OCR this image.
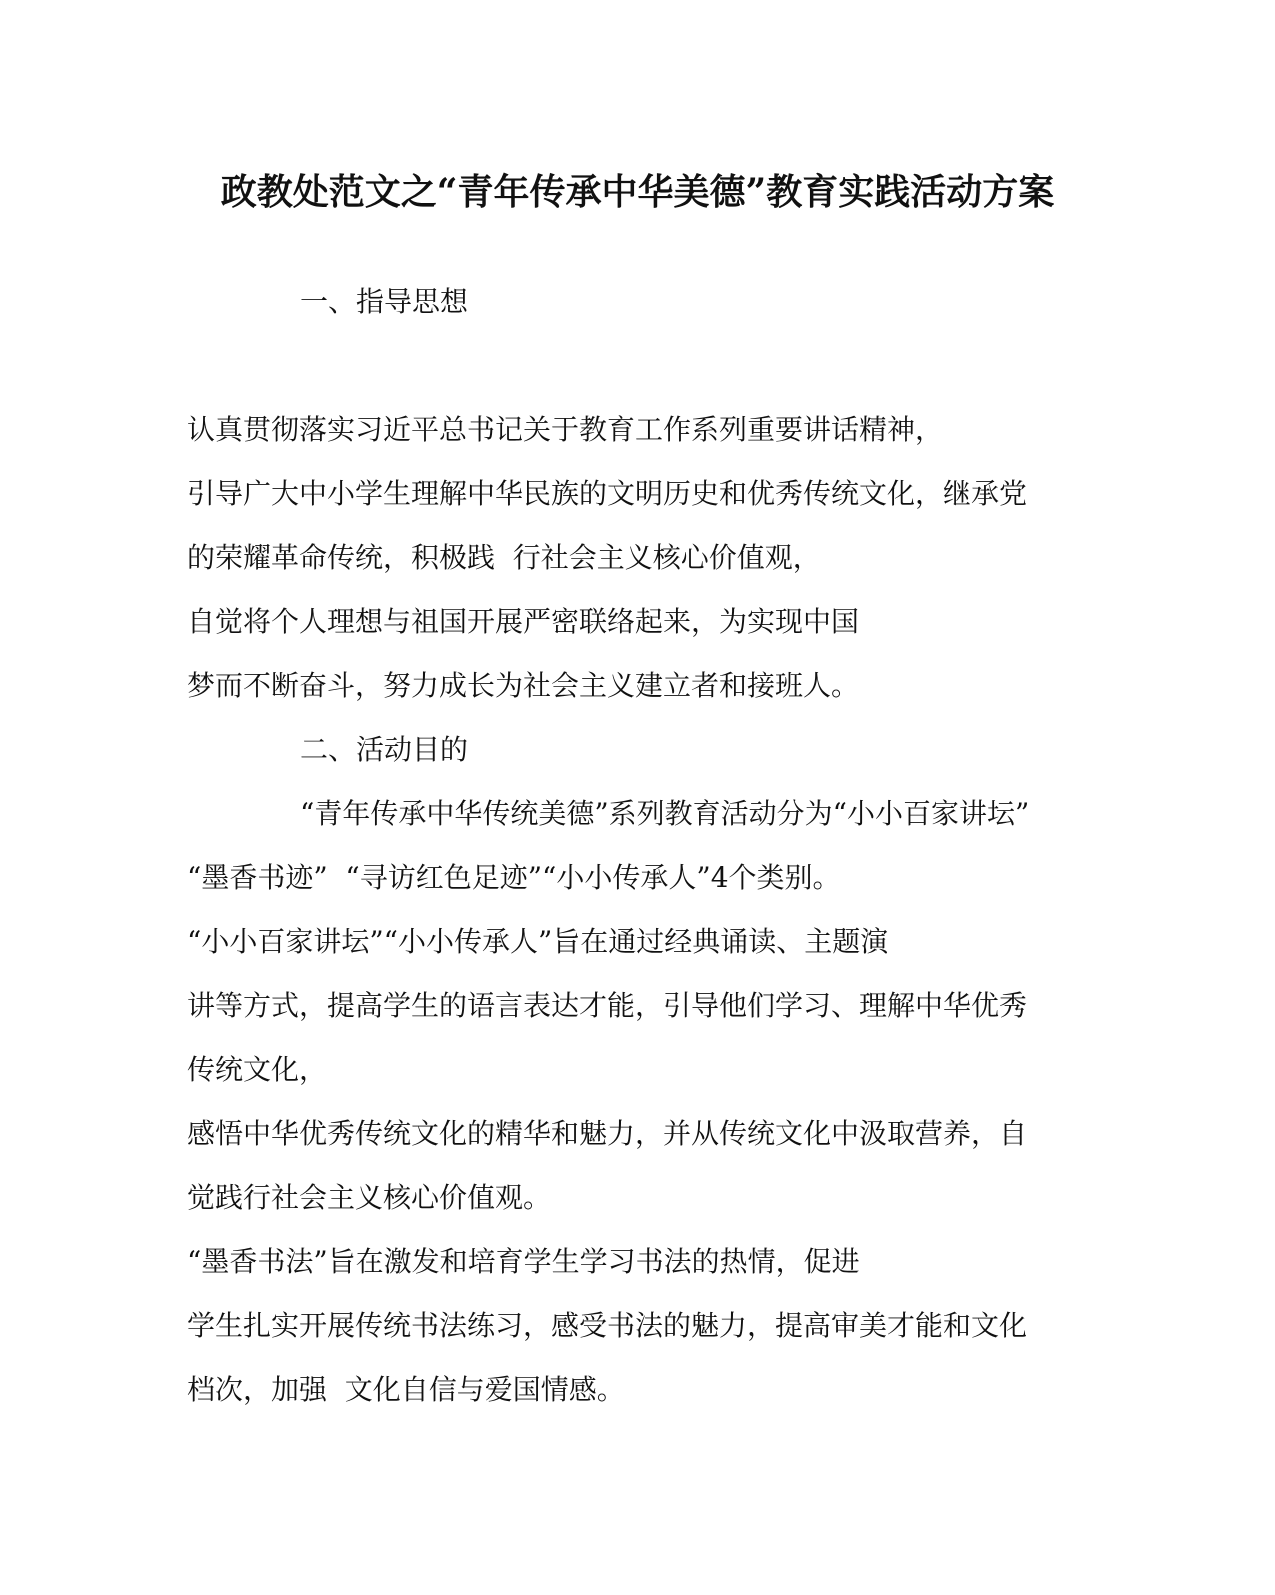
政教处范文之“青年传承中华美德”教育实践活动方案
一、指导思想
认真贯彻落实习近平总书记关于教育工作系列重要讲话精神，
引导广大中小学生理解中华民族的文明历史和优秀传统文化，继承党
的荣耀革命传统，积极践  行社会主义核心价值观，
自觉将个人理想与祖国开展严密联络起来，为实现中国
梦而不断奋斗，努力成长为社会主义建立者和接班人。
二、活动目的
“青年传承中华传统美德”系列教育活动分为“小小百家讲坛”
“墨香书迹”  “寻访红色足迹”“小小传承人”4个类别。
“小小百家讲坛”“小小传承人”旨在通过经典诵读、主题演
讲等方式，提高学生的语言表达才能，引导他们学习、理解中华优秀
传统文化，
感悟中华优秀传统文化的精华和魅力，并从传统文化中汲取营养，自
觉践行社会主义核心价值观。
“墨香书法”旨在激发和培育学生学习书法的热情，促进
学生扎实开展传统书法练习，感受书法的魅力，提高审美才能和文化
档次，加强  文化自信与爱国情感。
